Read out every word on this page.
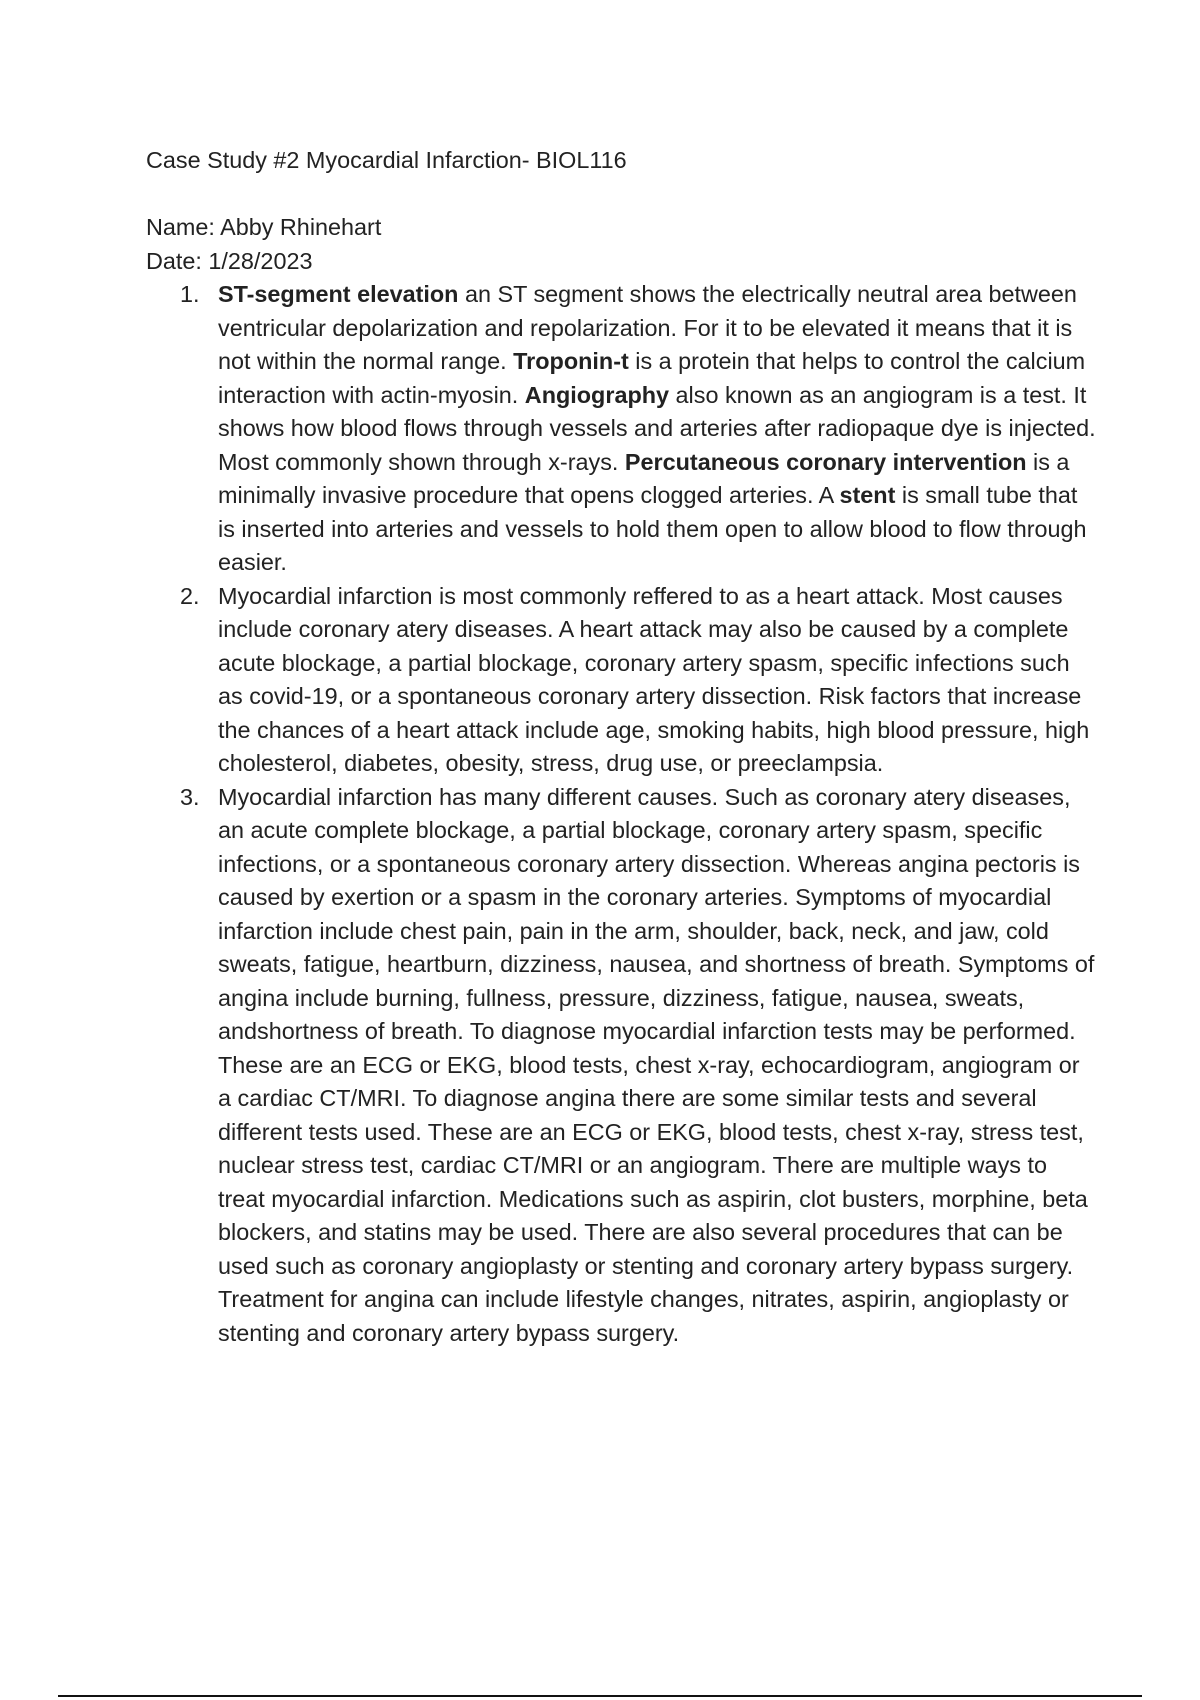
Case Study #2 Myocardial Infarction- BIOL116

Name: Abby Rhinehart

Date: 1/28/2023

1. ST-segment elevation an ST segment shows the electrically neutral area between ventricular depolarization and repolarization. For it to be elevated it means that it is not within the normal range. Troponin-t is a protein that helps to control the calcium interaction with actin-myosin. Angiography also known as an angiogram is a test. It shows how blood flows through vessels and arteries after radiopaque dye is injected. Most commonly shown through x-rays. Percutaneous coronary intervention is a minimally invasive procedure that opens clogged arteries. A stent is small tube that is inserted into arteries and vessels to hold them open to allow blood to flow through easier.
2. Myocardial infarction is most commonly reffered to as a heart attack. Most causes include coronary atery diseases. A heart attack may also be caused by a complete acute blockage, a partial blockage, coronary artery spasm, specific infections such as covid-19, or a spontaneous coronary artery dissection. Risk factors that increase the chances of a heart attack include age, smoking habits, high blood pressure, high cholesterol, diabetes, obesity, stress, drug use, or preeclampsia.
3. Myocardial infarction has many different causes. Such as coronary atery diseases, an acute complete blockage, a partial blockage, coronary artery spasm, specific infections, or a spontaneous coronary artery dissection. Whereas angina pectoris is caused by exertion or a spasm in the coronary arteries. Symptoms of myocardial infarction include chest pain, pain in the arm, shoulder, back, neck, and jaw, cold sweats, fatigue, heartburn, dizziness, nausea, and shortness of breath. Symptoms of angina include burning, fullness, pressure, dizziness, fatigue, nausea, sweats, andshortness of breath. To diagnose myocardial infarction tests may be performed. These are an ECG or EKG, blood tests, chest x-ray, echocardiogram, angiogram or a cardiac CT/MRI. To diagnose angina there are some similar tests and several different tests used. These are an ECG or EKG, blood tests, chest x-ray, stress test, nuclear stress test, cardiac CT/MRI or an angiogram. There are multiple ways to treat myocardial infarction. Medications such as aspirin, clot busters, morphine, beta blockers, and statins may be used. There are also several procedures that can be used such as coronary angioplasty or stenting and coronary artery bypass surgery. Treatment for angina can include lifestyle changes, nitrates, aspirin, angioplasty or stenting and coronary artery bypass surgery.
